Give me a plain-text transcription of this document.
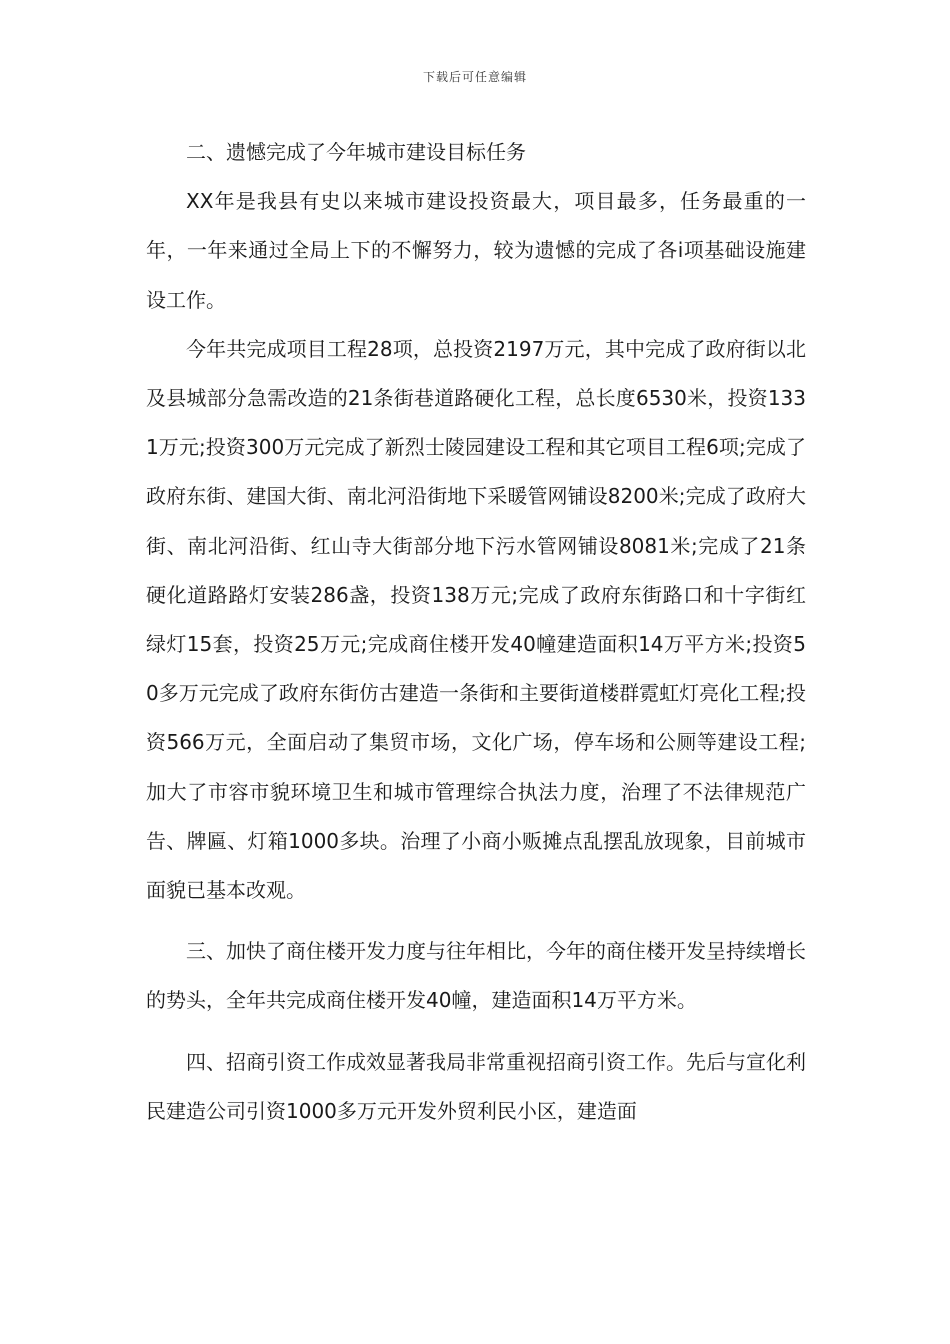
下载后可任意编辑

二、遗憾完成了今年城市建设目标任务

XX年是我县有史以来城市建设投资最大，项目最多，任务最重的一年，一年来通过全局上下的不懈努力，较为遗憾的完成了各i项基础设施建设工作。

今年共完成项目工程28项，总投资2197万元，其中完成了政府街以北及县城部分急需改造的21条街巷道路硬化工程，总长度6530米，投资1331万元;投资300万元完成了新烈士陵园建设工程和其它项目工程6项;完成了政府东街、建国大街、南北河沿街地下采暖管网铺设8200米;完成了政府大街、南北河沿街、红山寺大街部分地下污水管网铺设8081米;完成了21条硬化道路路灯安装286盏，投资138万元;完成了政府东街路口和十字街红绿灯15套，投资25万元;完成商住楼开发40幢建造面积14万平方米;投资50多万元完成了政府东街仿古建造一条街和主要街道楼群霓虹灯亮化工程;投资566万元，全面启动了集贸市场，文化广场，停车场和公厕等建设工程;加大了市容市貌环境卫生和城市管理综合执法力度，治理了不法律规范广告、牌匾、灯箱1000多块。治理了小商小贩摊点乱摆乱放现象，目前城市面貌已基本改观。

三、加快了商住楼开发力度与往年相比，今年的商住楼开发呈持续增长的势头，全年共完成商住楼开发40幢，建造面积14万平方米。

四、招商引资工作成效显著我局非常重视招商引资工作。先后与宣化利民建造公司引资1000多万元开发外贸利民小区，建造面
